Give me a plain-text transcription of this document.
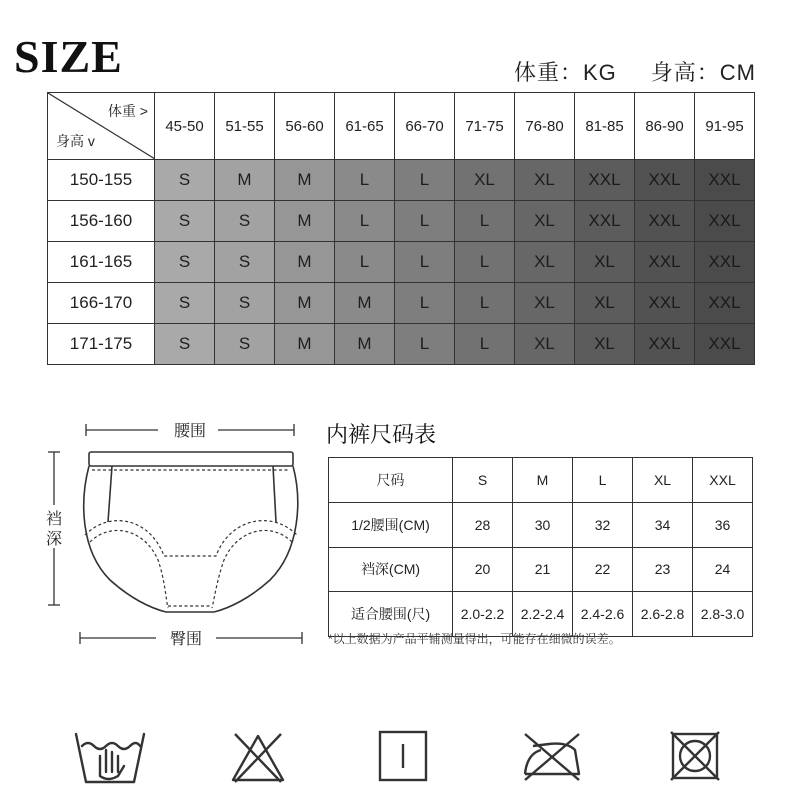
SIZE	体重：KG 身高：CM
体重 >
身高 v	45-50	51-55	56-60	61-65	66-70	71-75	76-80	81-85	86-90	91-95
150-155	S	M	M	L	L	XL	XL	XXL	XXL	XXL
156-160	S	S	M	L	L	L	XL	XXL	XXL	XXL
161-165	S	S	M	L	L	L	XL	XL	XXL	XXL
166-170	S	S	M	M	L	L	XL	XL	XXL	XXL
171-175	S	S	M	M	L	L	XL	XL	XXL	XXL
腰围
裆
深
臀围
内裤尺码表
尺码	S	M	L	XL	XXL
1/2腰围(CM)	28	30	32	34	36
裆深(CM)	20	21	22	23	24
适合腰围(尺)	2.0-2.2	2.2-2.4	2.4-2.6	2.6-2.8	2.8-3.0
*以上数据为产品平铺测量得出，可能存在细微的误差。
